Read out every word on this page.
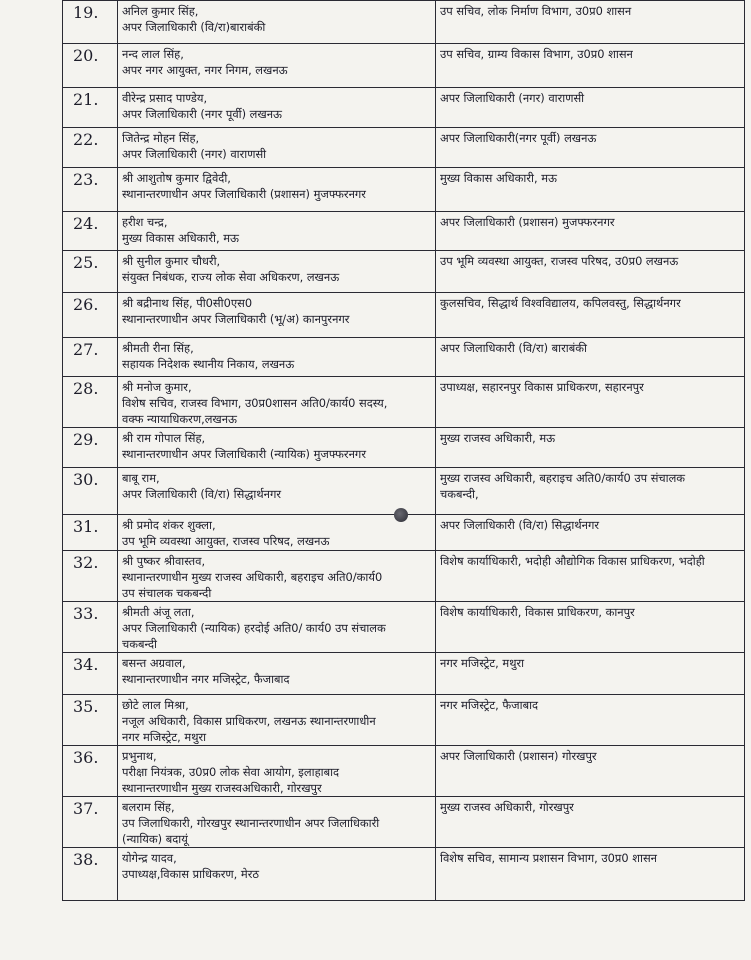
19.	अनिल कुमार सिंह,
अपर जिलाधिकारी (वि/रा)बाराबंकी	उप सचिव, लोक निर्माण विभाग, उ0प्र0 शासन

20.	नन्द लाल सिंह,
अपर नगर आयुक्त, नगर निगम, लखनऊ	उप सचिव, ग्राम्य विकास विभाग, उ0प्र0 शासन

21.	वीरेन्द्र प्रसाद पाण्डेय,
अपर जिलाधिकारी (नगर पूर्वी) लखनऊ	अपर जिलाधिकारी (नगर) वाराणसी

22.	जितेन्द्र मोहन सिंह,
अपर जिलाधिकारी (नगर) वाराणसी	अपर जिलाधिकारी(नगर पूर्वी) लखनऊ

23.	श्री आशुतोष कुमार द्विवेदी,
स्थानान्तरणाधीन अपर जिलाधिकारी (प्रशासन) मुजफ्फरनगर	मुख्य विकास अधिकारी, मऊ

24.	हरीश चन्द्र,
मुख्य विकास अधिकारी, मऊ	अपर जिलाधिकारी (प्रशासन) मुजफ्फरनगर

25.	श्री सुनील कुमार चौधरी,
संयुक्त निबंधक, राज्य लोक सेवा अधिकरण, लखनऊ	उप भूमि व्यवस्था आयुक्त, राजस्व परिषद, उ0प्र0 लखनऊ

26.	श्री बद्रीनाथ सिंह, पी0सी0एस0
स्थानान्तरणाधीन अपर जिलाधिकारी (भू/अ) कानपुरनगर	कुलसचिव, सिद्धार्थ विश्वविद्यालय, कपिलवस्तु, सिद्धार्थनगर

27.	श्रीमती रीना सिंह,
सहायक निदेशक स्थानीय निकाय, लखनऊ	अपर जिलाधिकारी (वि/रा) बाराबंकी

28.	श्री मनोज कुमार,
विशेष सचिव, राजस्व विभाग, उ0प्र0शासन अति0/कार्य0 सदस्य,
वक्फ न्यायाधिकरण,लखनऊ	उपाध्यक्ष, सहारनपुर विकास प्राधिकरण, सहारनपुर

29.	श्री राम गोपाल सिंह,
स्थानान्तरणाधीन अपर जिलाधिकारी (न्यायिक) मुजफ्फरनगर	मुख्य राजस्व अधिकारी, मऊ

30.	बाबू राम,
अपर जिलाधिकारी (वि/रा) सिद्धार्थनगर	मुख्य राजस्व अधिकारी, बहराइच अति0/कार्य0 उप संचालक
चकबन्दी,

31.	श्री प्रमोद शंकर शुक्ला,
उप भूमि व्यवस्था आयुक्त, राजस्व परिषद, लखनऊ	अपर जिलाधिकारी (वि/रा) सिद्धार्थनगर

32.	श्री पुष्कर श्रीवास्तव,
स्थानान्तरणाधीन मुख्य राजस्व अधिकारी, बहराइच अति0/कार्य0
उप संचालक चकबन्दी	विशेष कार्याधिकारी, भदोही औद्योगिक विकास प्राधिकरण, भदोही

33.	श्रीमती अंजू लता,
अपर जिलाधिकारी (न्यायिक) हरदोई अति0/ कार्य0 उप संचालक
चकबन्दी	विशेष कार्याधिकारी, विकास प्राधिकरण, कानपुर

34.	बसन्त अग्रवाल,
स्थानान्तरणाधीन नगर मजिस्ट्रेट, फैजाबाद	नगर मजिस्ट्रेट, मथुरा

35.	छोटे लाल मिश्रा,
नजूल अधिकारी, विकास प्राधिकरण, लखनऊ स्थानान्तरणाधीन
नगर मजिस्ट्रेट, मथुरा	नगर मजिस्ट्रेट, फैजाबाद

36.	प्रभुनाथ,
परीक्षा नियंत्रक, उ0प्र0 लोक सेवा आयोग, इलाहाबाद
स्थानान्तरणाधीन मुख्य राजस्वअधिकारी, गोरखपुर	अपर जिलाधिकारी (प्रशासन) गोरखपुर

37.	बलराम सिंह,
उप जिलाधिकारी, गोरखपुर स्थानान्तरणाधीन अपर जिलाधिकारी
(न्यायिक) बदायूं	मुख्य राजस्व अधिकारी, गोरखपुर

38.	योगेन्द्र यादव,
उपाध्यक्ष,विकास प्राधिकरण, मेरठ	विशेष सचिव, सामान्य प्रशासन विभाग, उ0प्र0 शासन
